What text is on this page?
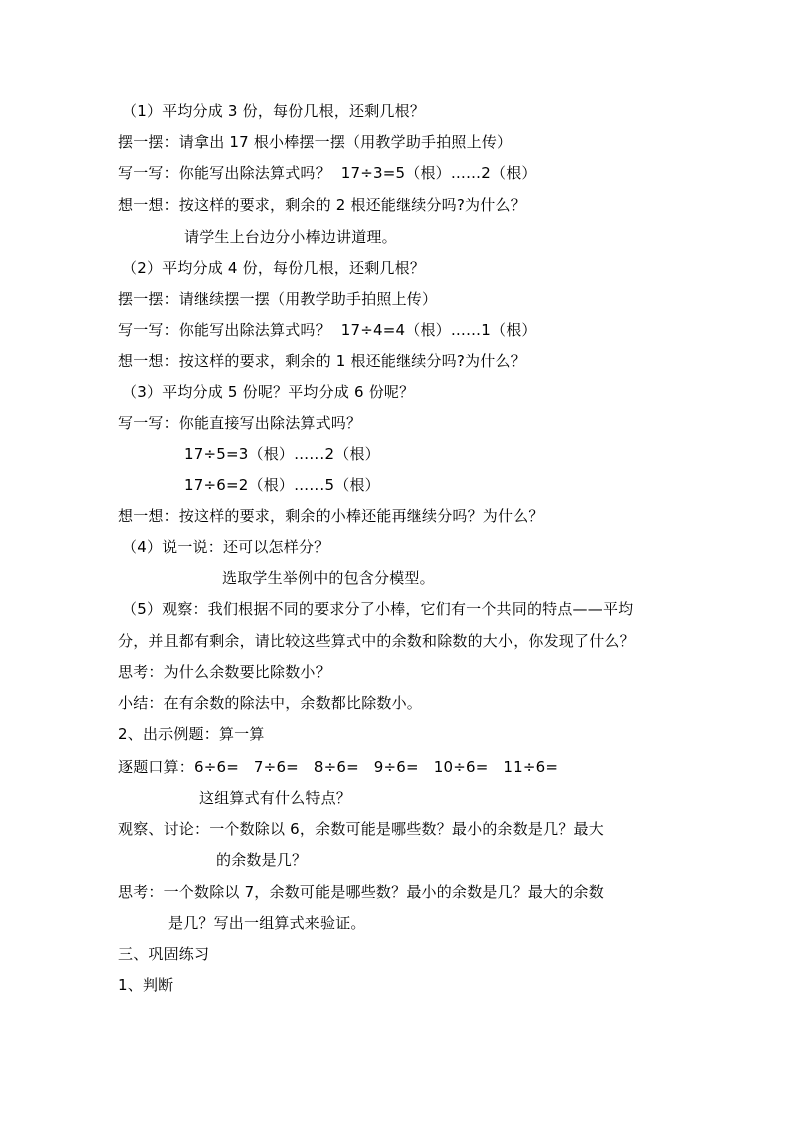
（1）平均分成 3 份，每份几根，还剩几根？
摆一摆：请拿出 17 根小棒摆一摆（用教学助手拍照上传）
写一写：你能写出除法算式吗？  17÷3=5（根）……2（根）
想一想：按这样的要求，剩余的 2 根还能继续分吗?为什么？
请学生上台边分小棒边讲道理。
（2）平均分成 4 份，每份几根，还剩几根？
摆一摆：请继续摆一摆（用教学助手拍照上传）
写一写：你能写出除法算式吗？  17÷4=4（根）……1（根）
想一想：按这样的要求，剩余的 1 根还能继续分吗?为什么？
（3）平均分成 5 份呢？平均分成 6 份呢？
写一写：你能直接写出除法算式吗？
17÷5=3（根）……2（根）
17÷6=2（根）……5（根）
想一想：按这样的要求，剩余的小棒还能再继续分吗？为什么？
（4）说一说：还可以怎样分？
选取学生举例中的包含分模型。
（5）观察：我们根据不同的要求分了小棒，它们有一个共同的特点——平均
分，并且都有剩余，请比较这些算式中的余数和除数的大小，你发现了什么？
思考：为什么余数要比除数小？
小结：在有余数的除法中，余数都比除数小。
2、出示例题：算一算
逐题口算：6÷6=   7÷6=   8÷6=   9÷6=   10÷6=   11÷6=
这组算式有什么特点？
观察、讨论：一个数除以 6，余数可能是哪些数？最小的余数是几？最大
的余数是几？
思考：一个数除以 7，余数可能是哪些数？最小的余数是几？最大的余数
是几？写出一组算式来验证。
三、巩固练习
1、判断
